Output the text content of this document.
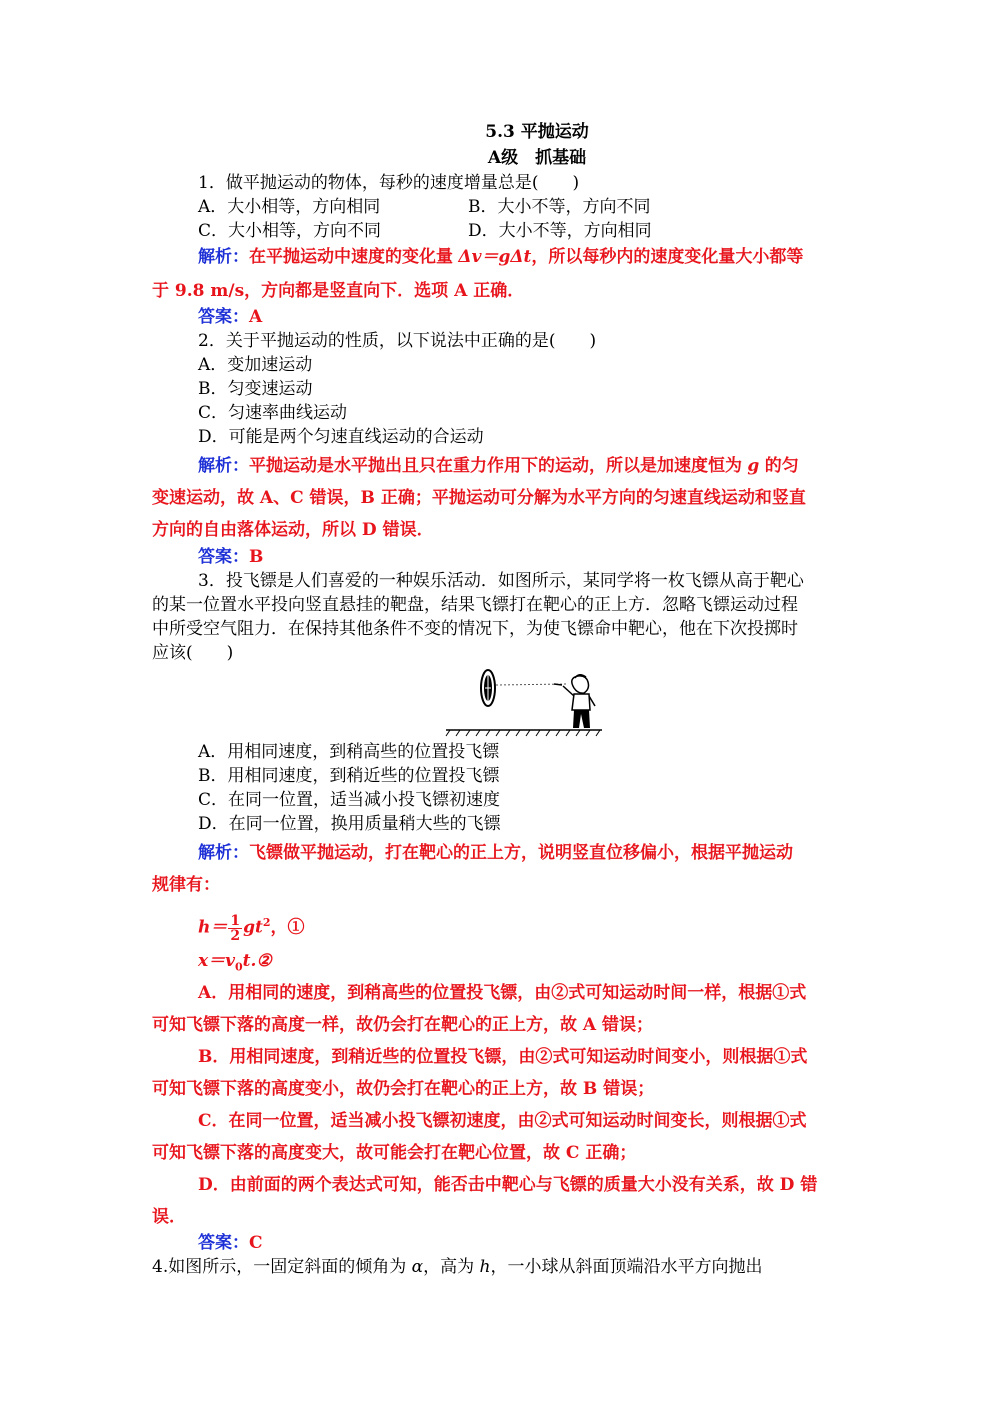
5.3 平抛运动
A级　抓基础
1．做平抛运动的物体，每秒的速度增量总是(　　)
A．大小相等，方向相同	B．大小不等，方向不同
C．大小相等，方向不同	D．大小不等，方向相同
解析：在平抛运动中速度的变化量 Δv＝gΔt，所以每秒内的速度变化量大小都等
于 9.8 m/s，方向都是竖直向下．选项 A 正确．
答案：A
2．关于平抛运动的性质，以下说法中正确的是(　　)
A．变加速运动
B．匀变速运动
C．匀速率曲线运动
D．可能是两个匀速直线运动的合运动
解析：平抛运动是水平抛出且只在重力作用下的运动，所以是加速度恒为 g 的匀
变速运动，故 A、C 错误，B 正确；平抛运动可分解为水平方向的匀速直线运动和竖直
方向的自由落体运动，所以 D 错误．
答案：B
3．投飞镖是人们喜爱的一种娱乐活动．如图所示，某同学将一枚飞镖从高于靶心
的某一位置水平投向竖直悬挂的靶盘，结果飞镖打在靶心的正上方．忽略飞镖运动过程
中所受空气阻力．在保持其他条件不变的情况下，为使飞镖命中靶心，他在下次投掷时
应该(　　)
A．用相同速度，到稍高些的位置投飞镖
B．用相同速度，到稍近些的位置投飞镖
C．在同一位置，适当减小投飞镖初速度
D．在同一位置，换用质量稍大些的飞镖
解析：飞镖做平抛运动，打在靶心的正上方，说明竖直位移偏小，根据平抛运动
规律有：
$h= \frac{1}{2} gt^2$，①
$x=v_0t.②$
A．用相同的速度，到稍高些的位置投飞镖，由②式可知运动时间一样，根据①式
可知飞镖下落的高度一样，故仍会打在靶心的正上方，故 A 错误；
B．用相同速度，到稍近些的位置投飞镖，由②式可知运动时间变小，则根据①式
可知飞镖下落的高度变小，故仍会打在靶心的正上方，故 B 错误；
C．在同一位置，适当减小投飞镖初速度，由②式可知运动时间变长，则根据①式
可知飞镖下落的高度变大，故可能会打在靶心位置，故 C 正确；
D．由前面的两个表达式可知，能否击中靶心与飞镖的质量大小没有关系，故 D 错
误．
答案：C
4.如图所示，一固定斜面的倾角为 α，高为 h，一小球从斜面顶端沿水平方向抛出
